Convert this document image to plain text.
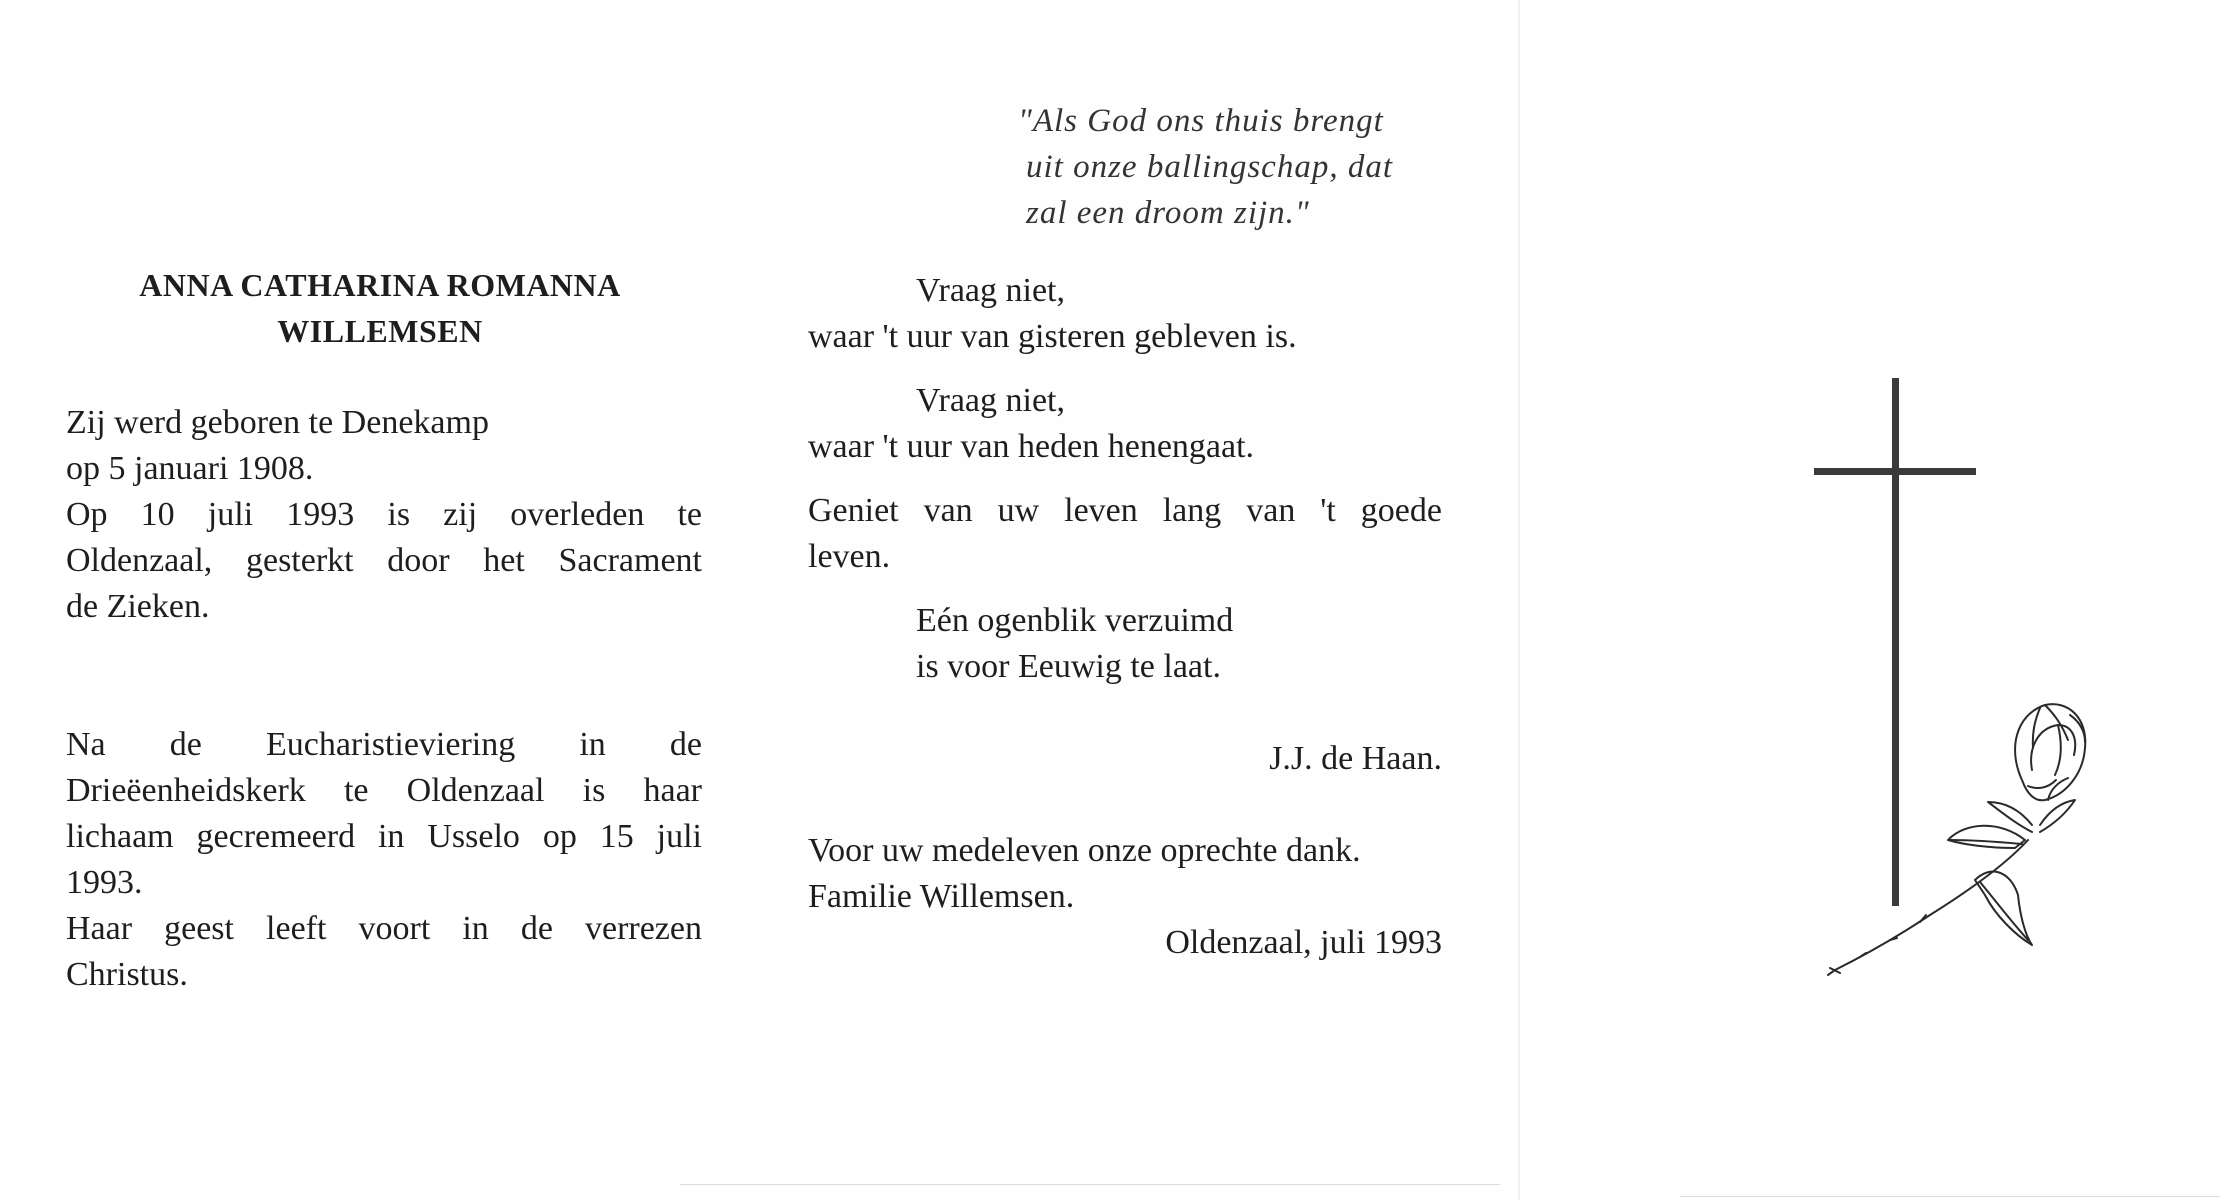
ANNA CATHARINA ROMANNA
WILLEMSEN
Zij werd geboren te Denekamp
op 5 januari 1908.
Op 10 juli 1993 is zij overleden te
Oldenzaal, gesterkt door het Sacrament
de Zieken.
Na de Eucharistieviering in de
Drieëenheidskerk te Oldenzaal is haar
lichaam gecremeerd in Usselo op 15 juli
1993.
Haar geest leeft voort in de verrezen
Christus.
"Als God ons thuis brengt
uit onze ballingschap, dat
zal een droom zijn."
Vraag niet,
waar 't uur van gisteren gebleven is.
Vraag niet,
waar 't uur van heden henengaat.
Geniet van uw leven lang van 't goede
leven.
Eén ogenblik verzuimd
is voor Eeuwig te laat.
J.J. de Haan.
Voor uw medeleven onze oprechte dank.
Familie Willemsen.
Oldenzaal, juli 1993
